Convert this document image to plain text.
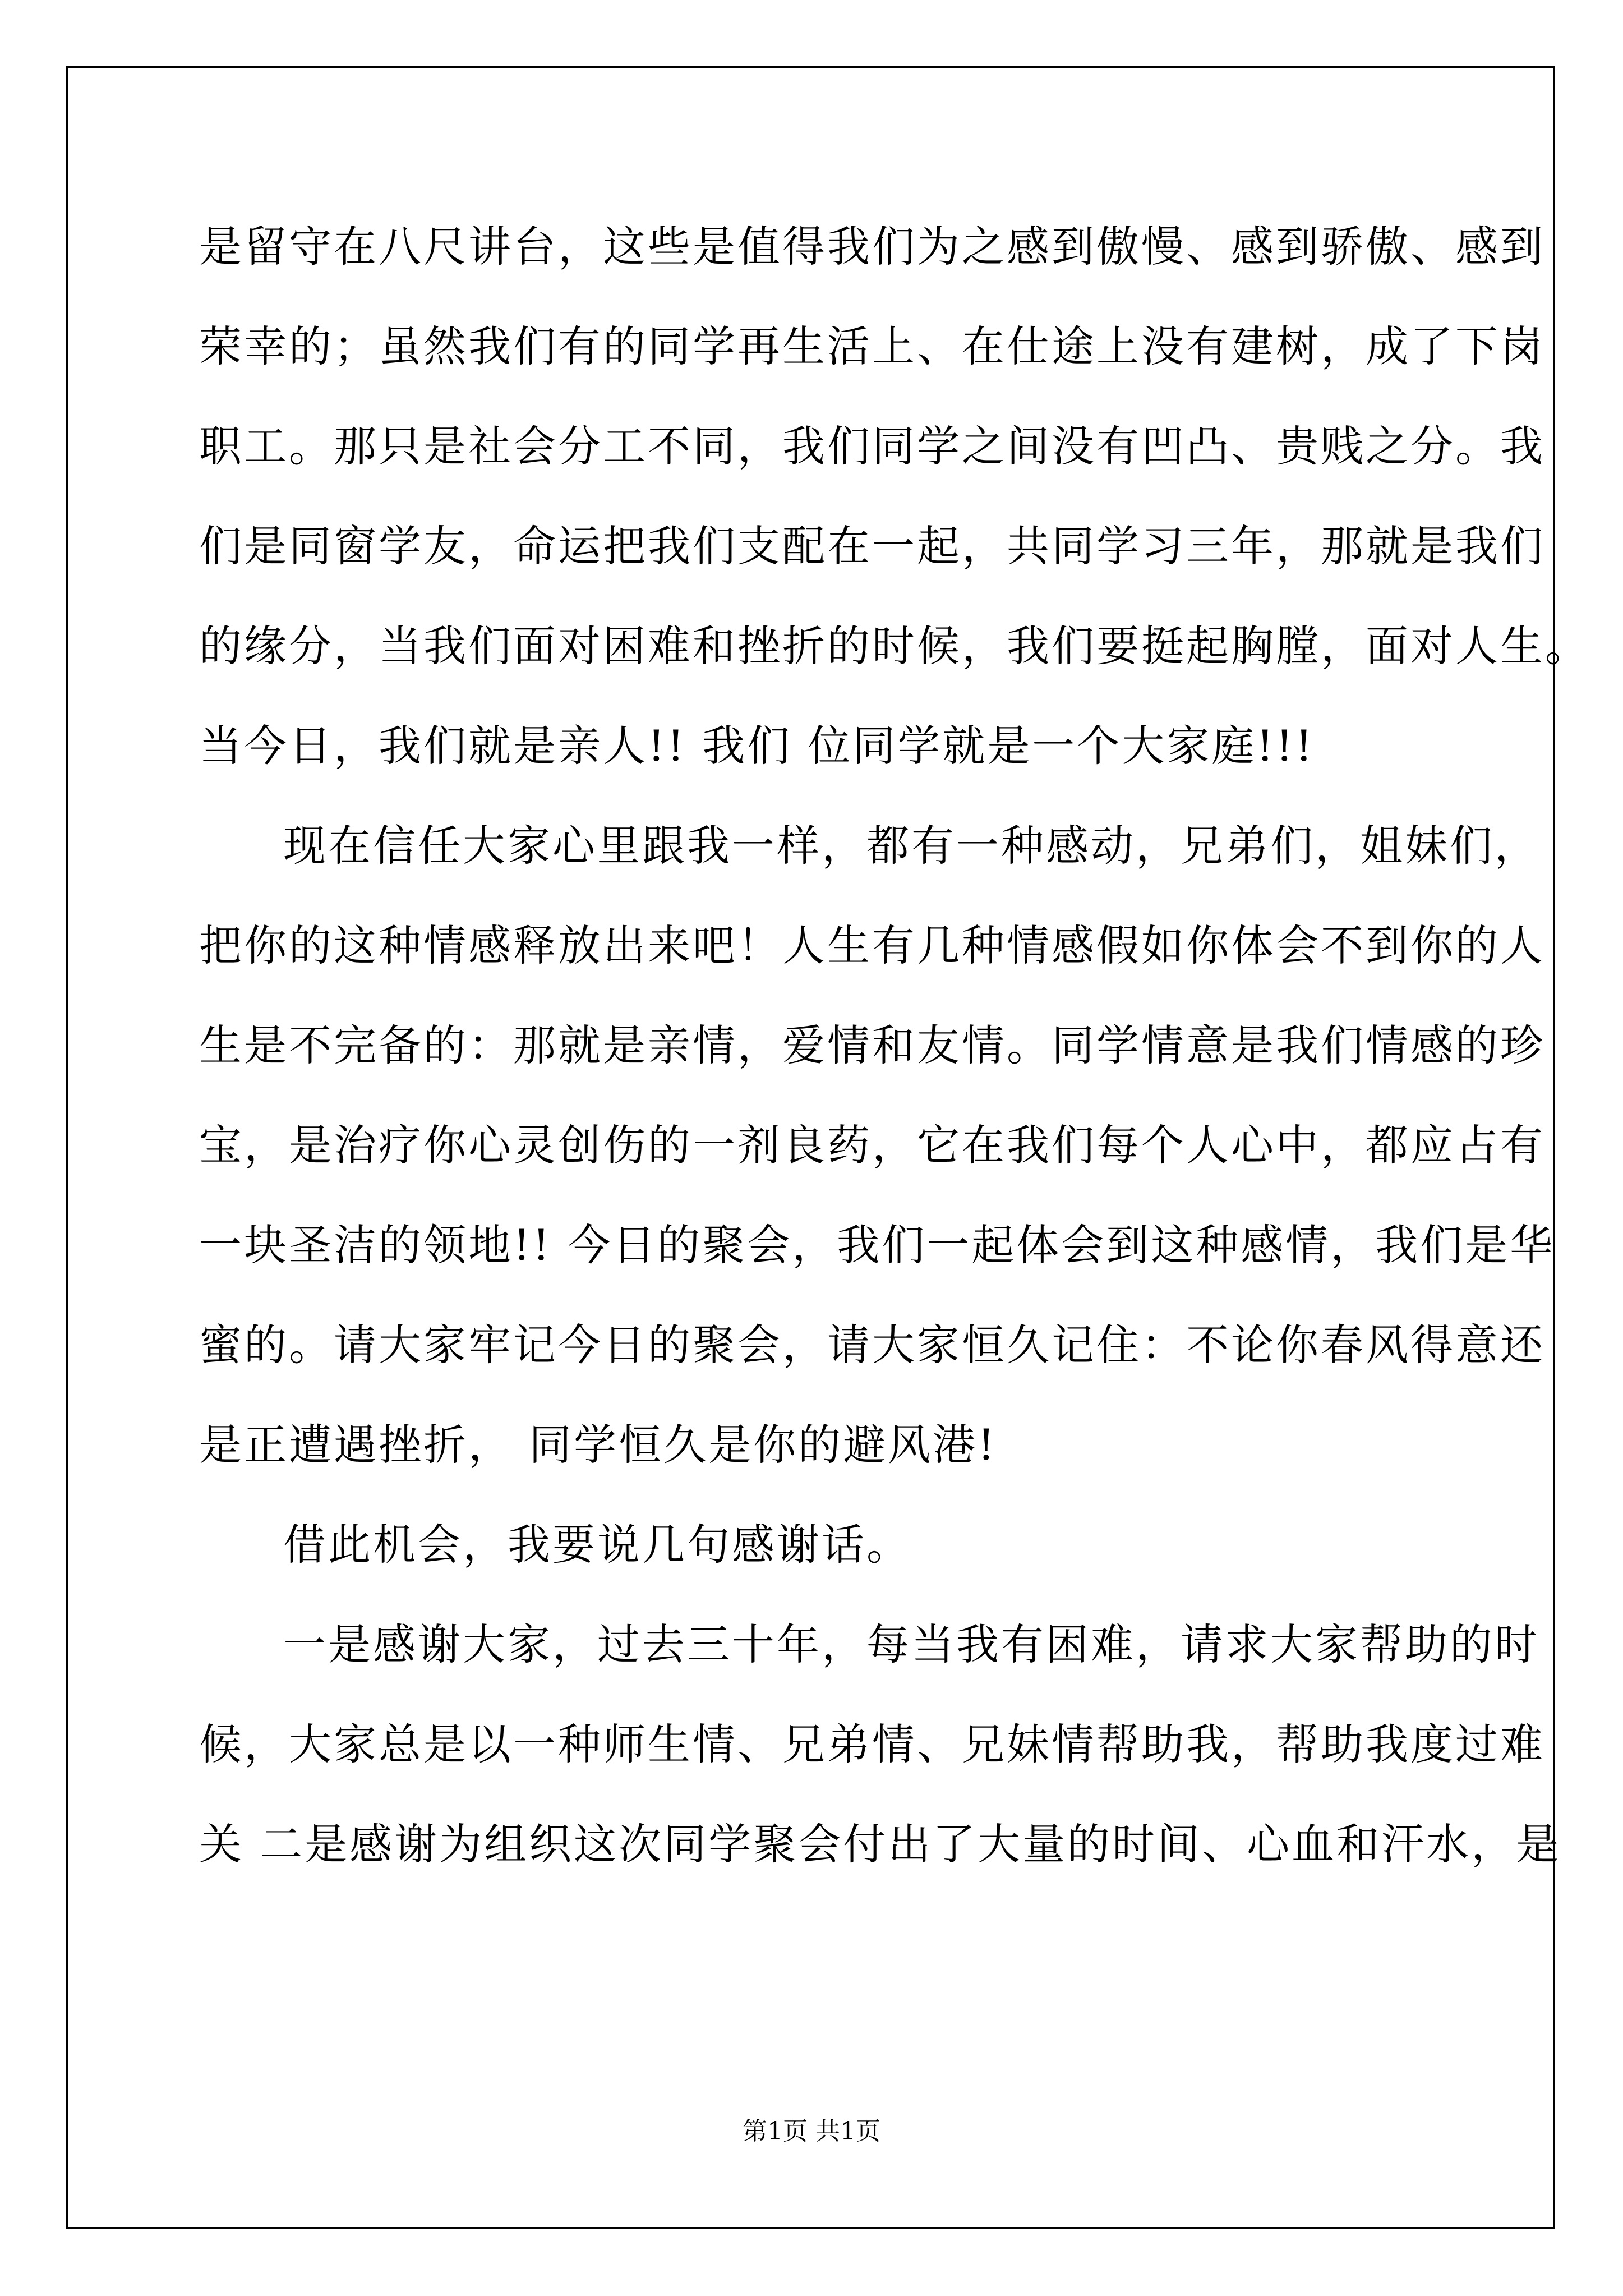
是留守在八尺讲台，这些是值得我们为之感到傲慢、感到骄傲、感到
荣幸的；虽然我们有的同学再生活上、在仕途上没有建树，成了下岗
职工。那只是社会分工不同，我们同学之间没有凹凸、贵贱之分。我
们是同窗学友，命运把我们支配在一起，共同学习三年，那就是我们
的缘分，当我们面对困难和挫折的时候，我们要挺起胸膛，面对人生。
当今日，我们就是亲人!! 我们 位同学就是一个大家庭!!!
现在信任大家心里跟我一样，都有一种感动，兄弟们，姐妹们，
把你的这种情感释放出来吧！人生有几种情感假如你体会不到你的人
生是不完备的：那就是亲情，爱情和友情。同学情意是我们情感的珍
宝，是治疗你心灵创伤的一剂良药，它在我们每个人心中，都应占有
一块圣洁的领地!! 今日的聚会，我们一起体会到这种感情，我们是华
蜜的。请大家牢记今日的聚会，请大家恒久记住：不论你春风得意还
是正遭遇挫折， 同学恒久是你的避风港!
借此机会，我要说几句感谢话。
一是感谢大家，过去三十年，每当我有困难，请求大家帮助的时
候，大家总是以一种师生情、兄弟情、兄妹情帮助我，帮助我度过难
关 二是感谢为组织这次同学聚会付出了大量的时间、心血和汗水，是
第1页 共1页
